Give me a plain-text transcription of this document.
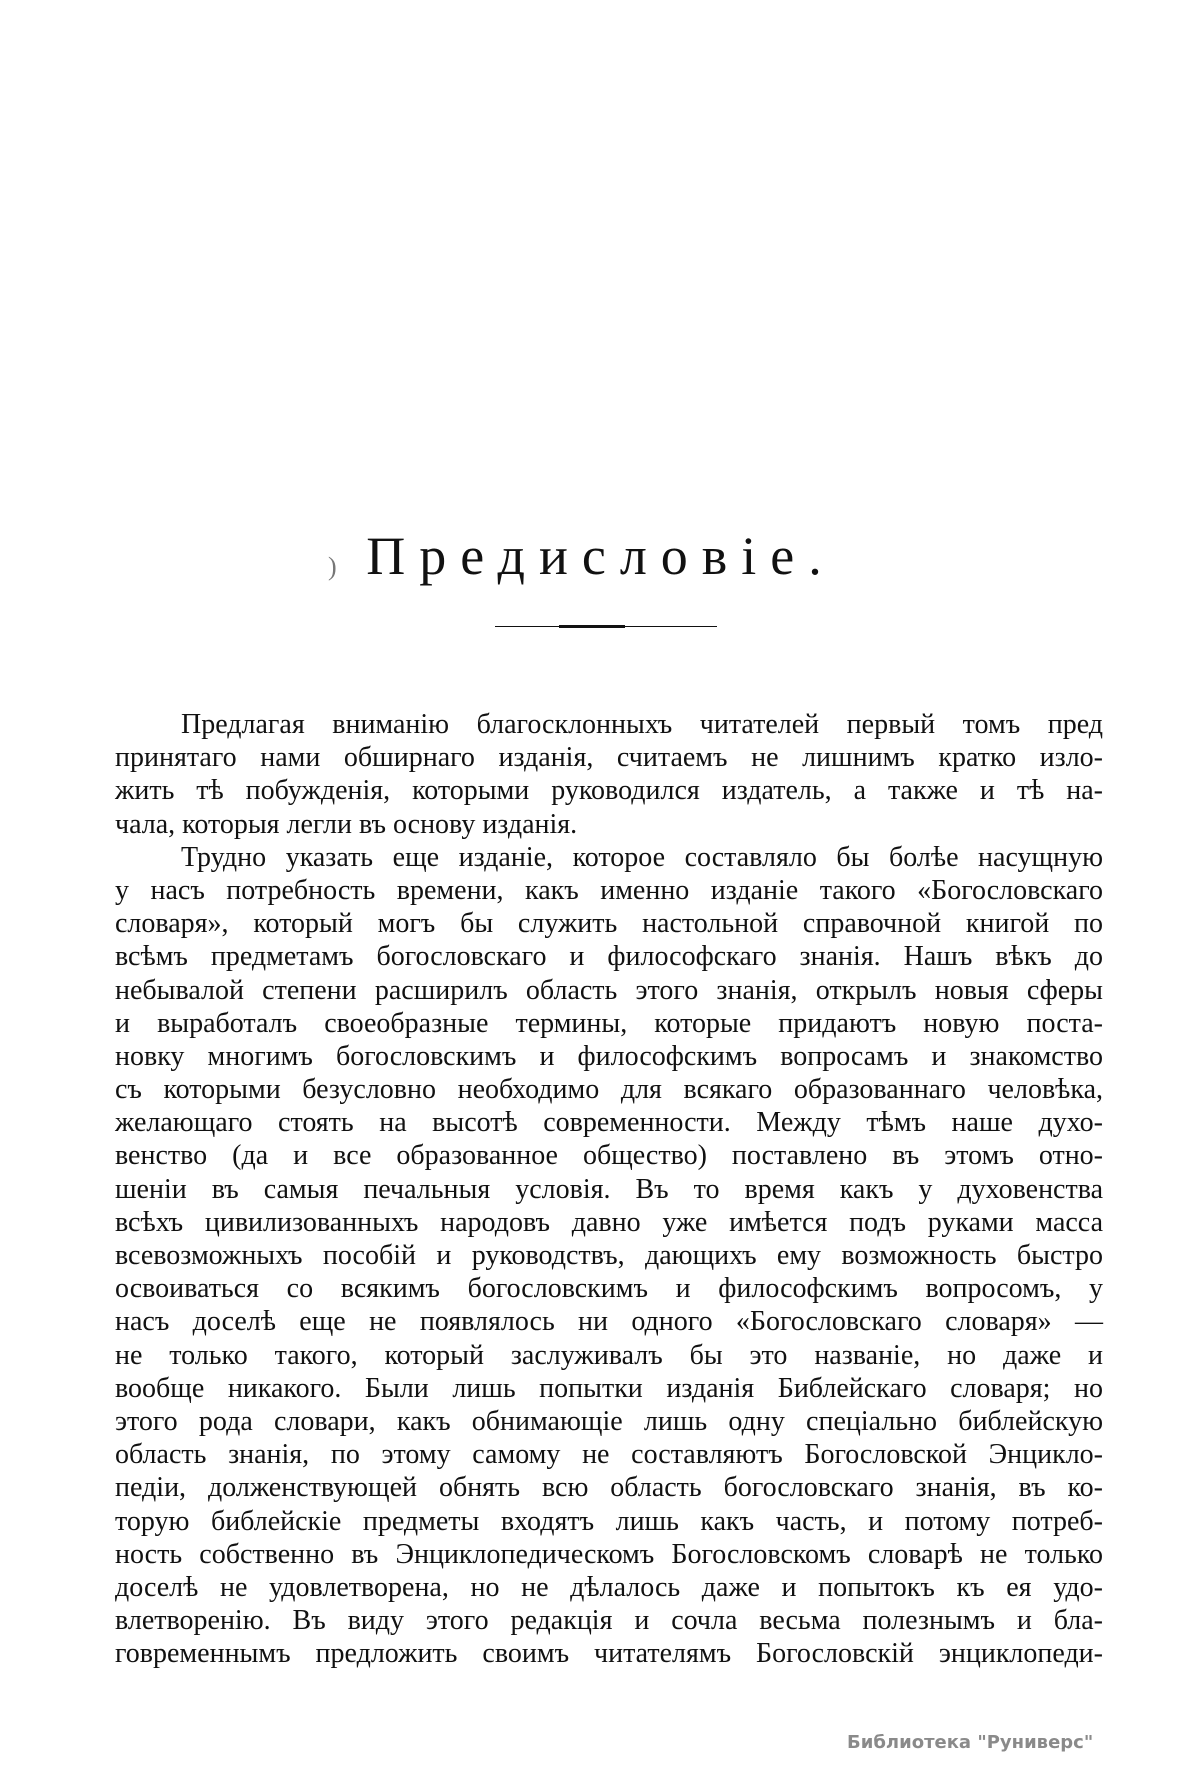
Предисловіе.
)
Предлагая вниманію благосклонныхъ читателей первый томъ пред
принятаго нами обширнаго изданія, считаемъ не лишнимъ кратко изло-
жить тѣ побужденія, которыми руководился издатель, а также и тѣ на-
чала, которыя легли въ основу изданія.
Трудно указать еще изданіе, которое составляло бы болѣе насущную
у насъ потребность времени, какъ именно изданіе такого «Богословскаго
словаря», который могъ бы служить настольной справочной книгой по
всѣмъ предметамъ богословскаго и философскаго знанія. Нашъ вѣкъ до
небывалой степени расширилъ область этого знанія, открылъ новыя сферы
и выработалъ своеобразные термины, которые придаютъ новую поста-
новку многимъ богословскимъ и философскимъ вопросамъ и знакомство
съ которыми безусловно необходимо для всякаго образованнаго человѣка,
желающаго стоять на высотѣ современности. Между тѣмъ наше духо-
венство (да и все образованное общество) поставлено въ этомъ отно-
шеніи въ самыя печальныя условія. Въ то время какъ у духовенства
всѣхъ цивилизованныхъ народовъ давно уже имѣется подъ руками масса
всевозможныхъ пособій и руководствъ, дающихъ ему возможность быстро
освоиваться со всякимъ богословскимъ и философскимъ вопросомъ, у
насъ доселѣ еще не появлялось ни одного «Богословскаго словаря» —
не только такого, который заслуживалъ бы это названіе, но даже и
вообще никакого. Были лишь попытки изданія Библейскаго словаря; но
этого рода словари, какъ обнимающіе лишь одну спеціально библейскую
область знанія, по этому самому не составляютъ Богословской Энциклo-
педіи, долженствующей обнять всю область богословскаго знанія, въ ко-
торую библейскіе предметы входятъ лишь какъ часть, и потому потреб-
ность собственно въ Энциклопедическомъ Богословскомъ словарѣ не только
доселѣ не удовлетворена, но не дѣлалось даже и попытокъ къ ея удо-
влетворенію. Въ виду этого редакція и сочла весьма полезнымъ и бла-
говременнымъ предложить своимъ читателямъ Богословскій энциклопеди-
Библиотека "Руниверс"
